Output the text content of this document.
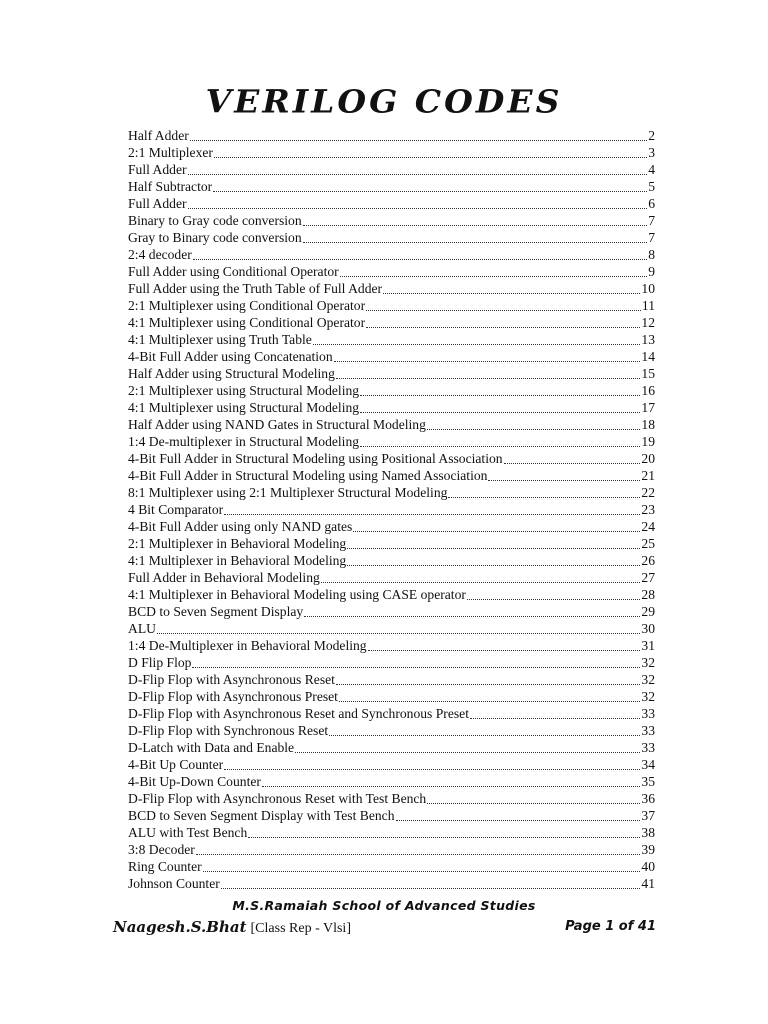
VERILOG CODES
Half Adder	2
2:1 Multiplexer	3
Full Adder	4
Half Subtractor	5
Full Adder	6
Binary to Gray code conversion	7
Gray to Binary code conversion	7
2:4 decoder	8
Full Adder using Conditional Operator	9
Full Adder using the Truth Table of Full Adder	10
2:1 Multiplexer using Conditional Operator	11
4:1 Multiplexer using Conditional Operator	12
4:1 Multiplexer using Truth Table	13
4-Bit Full Adder using Concatenation	14
Half Adder using Structural Modeling	15
2:1 Multiplexer using Structural Modeling	16
4:1 Multiplexer using Structural Modeling	17
Half Adder using NAND Gates in Structural Modeling	18
1:4 De-multiplexer in Structural Modeling	19
4-Bit Full Adder in Structural Modeling using Positional Association	20
4-Bit Full Adder in Structural Modeling using Named Association	21
8:1 Multiplexer using 2:1 Multiplexer Structural Modeling	22
4 Bit Comparator	23
4-Bit Full Adder using only NAND gates	24
2:1 Multiplexer in Behavioral Modeling	25
4:1 Multiplexer in Behavioral Modeling	26
Full Adder in Behavioral Modeling	27
4:1 Multiplexer in Behavioral Modeling using CASE operator	28
BCD to Seven Segment Display	29
ALU	30
1:4 De-Multiplexer in Behavioral Modeling	31
D Flip Flop	32
D-Flip Flop with Asynchronous Reset	32
D-Flip Flop with Asynchronous Preset	32
D-Flip Flop with Asynchronous Reset and Synchronous Preset	33
D-Flip Flop with Synchronous Reset	33
D-Latch with Data and Enable	33
4-Bit Up Counter	34
4-Bit Up-Down Counter	35
D-Flip Flop with Asynchronous Reset with Test Bench	36
BCD to Seven Segment Display with Test Bench	37
ALU with Test Bench	38
3:8 Decoder	39
Ring Counter	40
Johnson Counter	41
M.S.Ramaiah School of Advanced Studies
Naagesh.S.Bhat [Class Rep - Vlsi]	Page 1 of 41
